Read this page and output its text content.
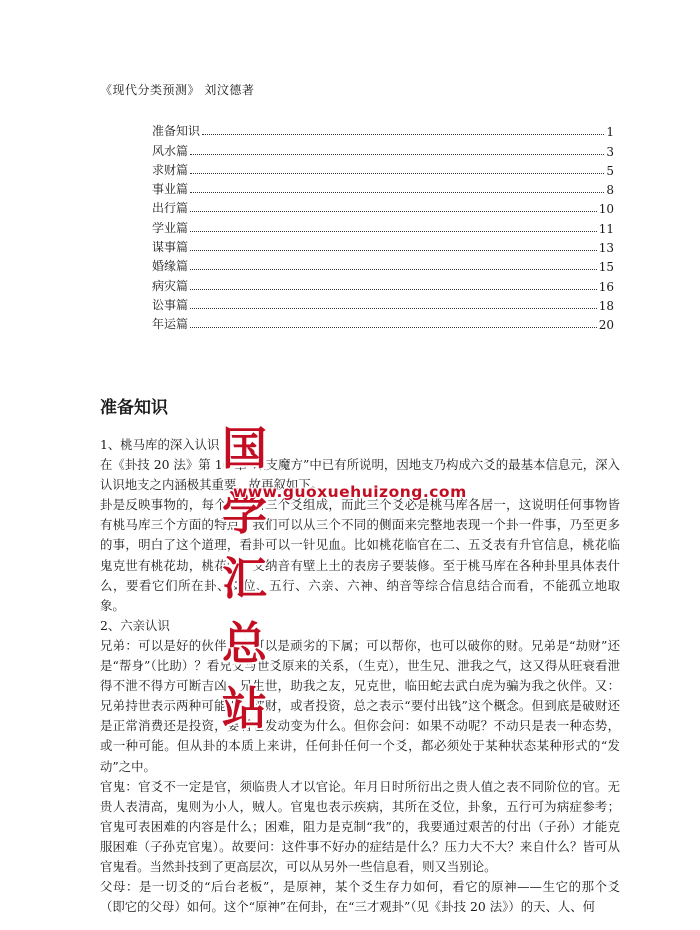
《现代分类预测》 刘汶德著
准备知识	1
风水篇	3
求财篇	5
事业篇	8
出行篇	10
学业篇	11
谋事篇	13
婚缘篇	15
病灾篇	16
讼事篇	18
年运篇	20
准备知识

1、桃马库的深入认识

在《卦技 20 法》第 16 章“地支魔方”中已有所说明，因地支乃构成六爻的最基本信息元，深入认识地支之内涵极其重要，故再叙如下。

卦是反映事物的，每个卦皆由三个爻组成，而此三个爻必是桃马库各居一，这说明任何事物皆有桃马库三个方面的特点，我们可以从三个不同的侧面来完整地表现一个卦一件事，乃至更多的事，明白了这个道理，看卦可以一针见血。比如桃花临官在二、五爻表有升官信息，桃花临鬼克世有桃花劫，桃花临一支纳音有壁上土的表房子要装修。至于桃马库在各种卦里具体表什么，要看它们所在卦、爻位、五行、六亲、六神、纳音等综合信息结合而看，不能孤立地取象。

2、六亲认识

兄弟：可以是好的伙伴，也可以是顽劣的下属；可以帮你，也可以破你的财。兄弟是“劫财”还是“帮身”（比助）？看兄爻与世爻原来的关系，（生克），世生兄、泄我之气，这又得从旺衰看泄得不泄不得方可断吉凶，兄生世，助我之友，兄克世，临田蛇去武白虎为骗为我之伙伴。又：兄弟持世表示两种可能性：破财，或者投资，总之表示“要付出钱”这个概念。但到底是破财还是正常消费还是投资，要看它发动变为什么。但你会问：如果不动呢？不动只是表一种态势，或一种可能。但从卦的本质上来讲，任何卦任何一个爻，都必须处于某种状态某种形式的“发动”之中。

官鬼：官爻不一定是官，须临贵人才以官论。年月日时所衍出之贵人值之表不同阶位的官。无贵人表清高，鬼则为小人，贼人。官鬼也表示疾病，其所在爻位，卦象，五行可为病症参考；官鬼可表困难的内容是什么；困难，阻力是克制“我”的，我要通过艰苦的付出（子孙）才能克服困难（子孙克官鬼）。故要问：这件事不好办的症结是什么？压力大不大？来自什么？皆可从官鬼看。当然卦技到了更高层次，可以从另外一些信息看，则又当别论。

父母：是一切爻的“后台老板”，是原神，某个爻生存力如何，看它的原神——生它的那个爻（即它的父母）如何。这个“原神”在何卦，在“三才观卦”（见《卦技 20 法》）的天、人、何

国学汇总站
www.guoxuehuizong.com
